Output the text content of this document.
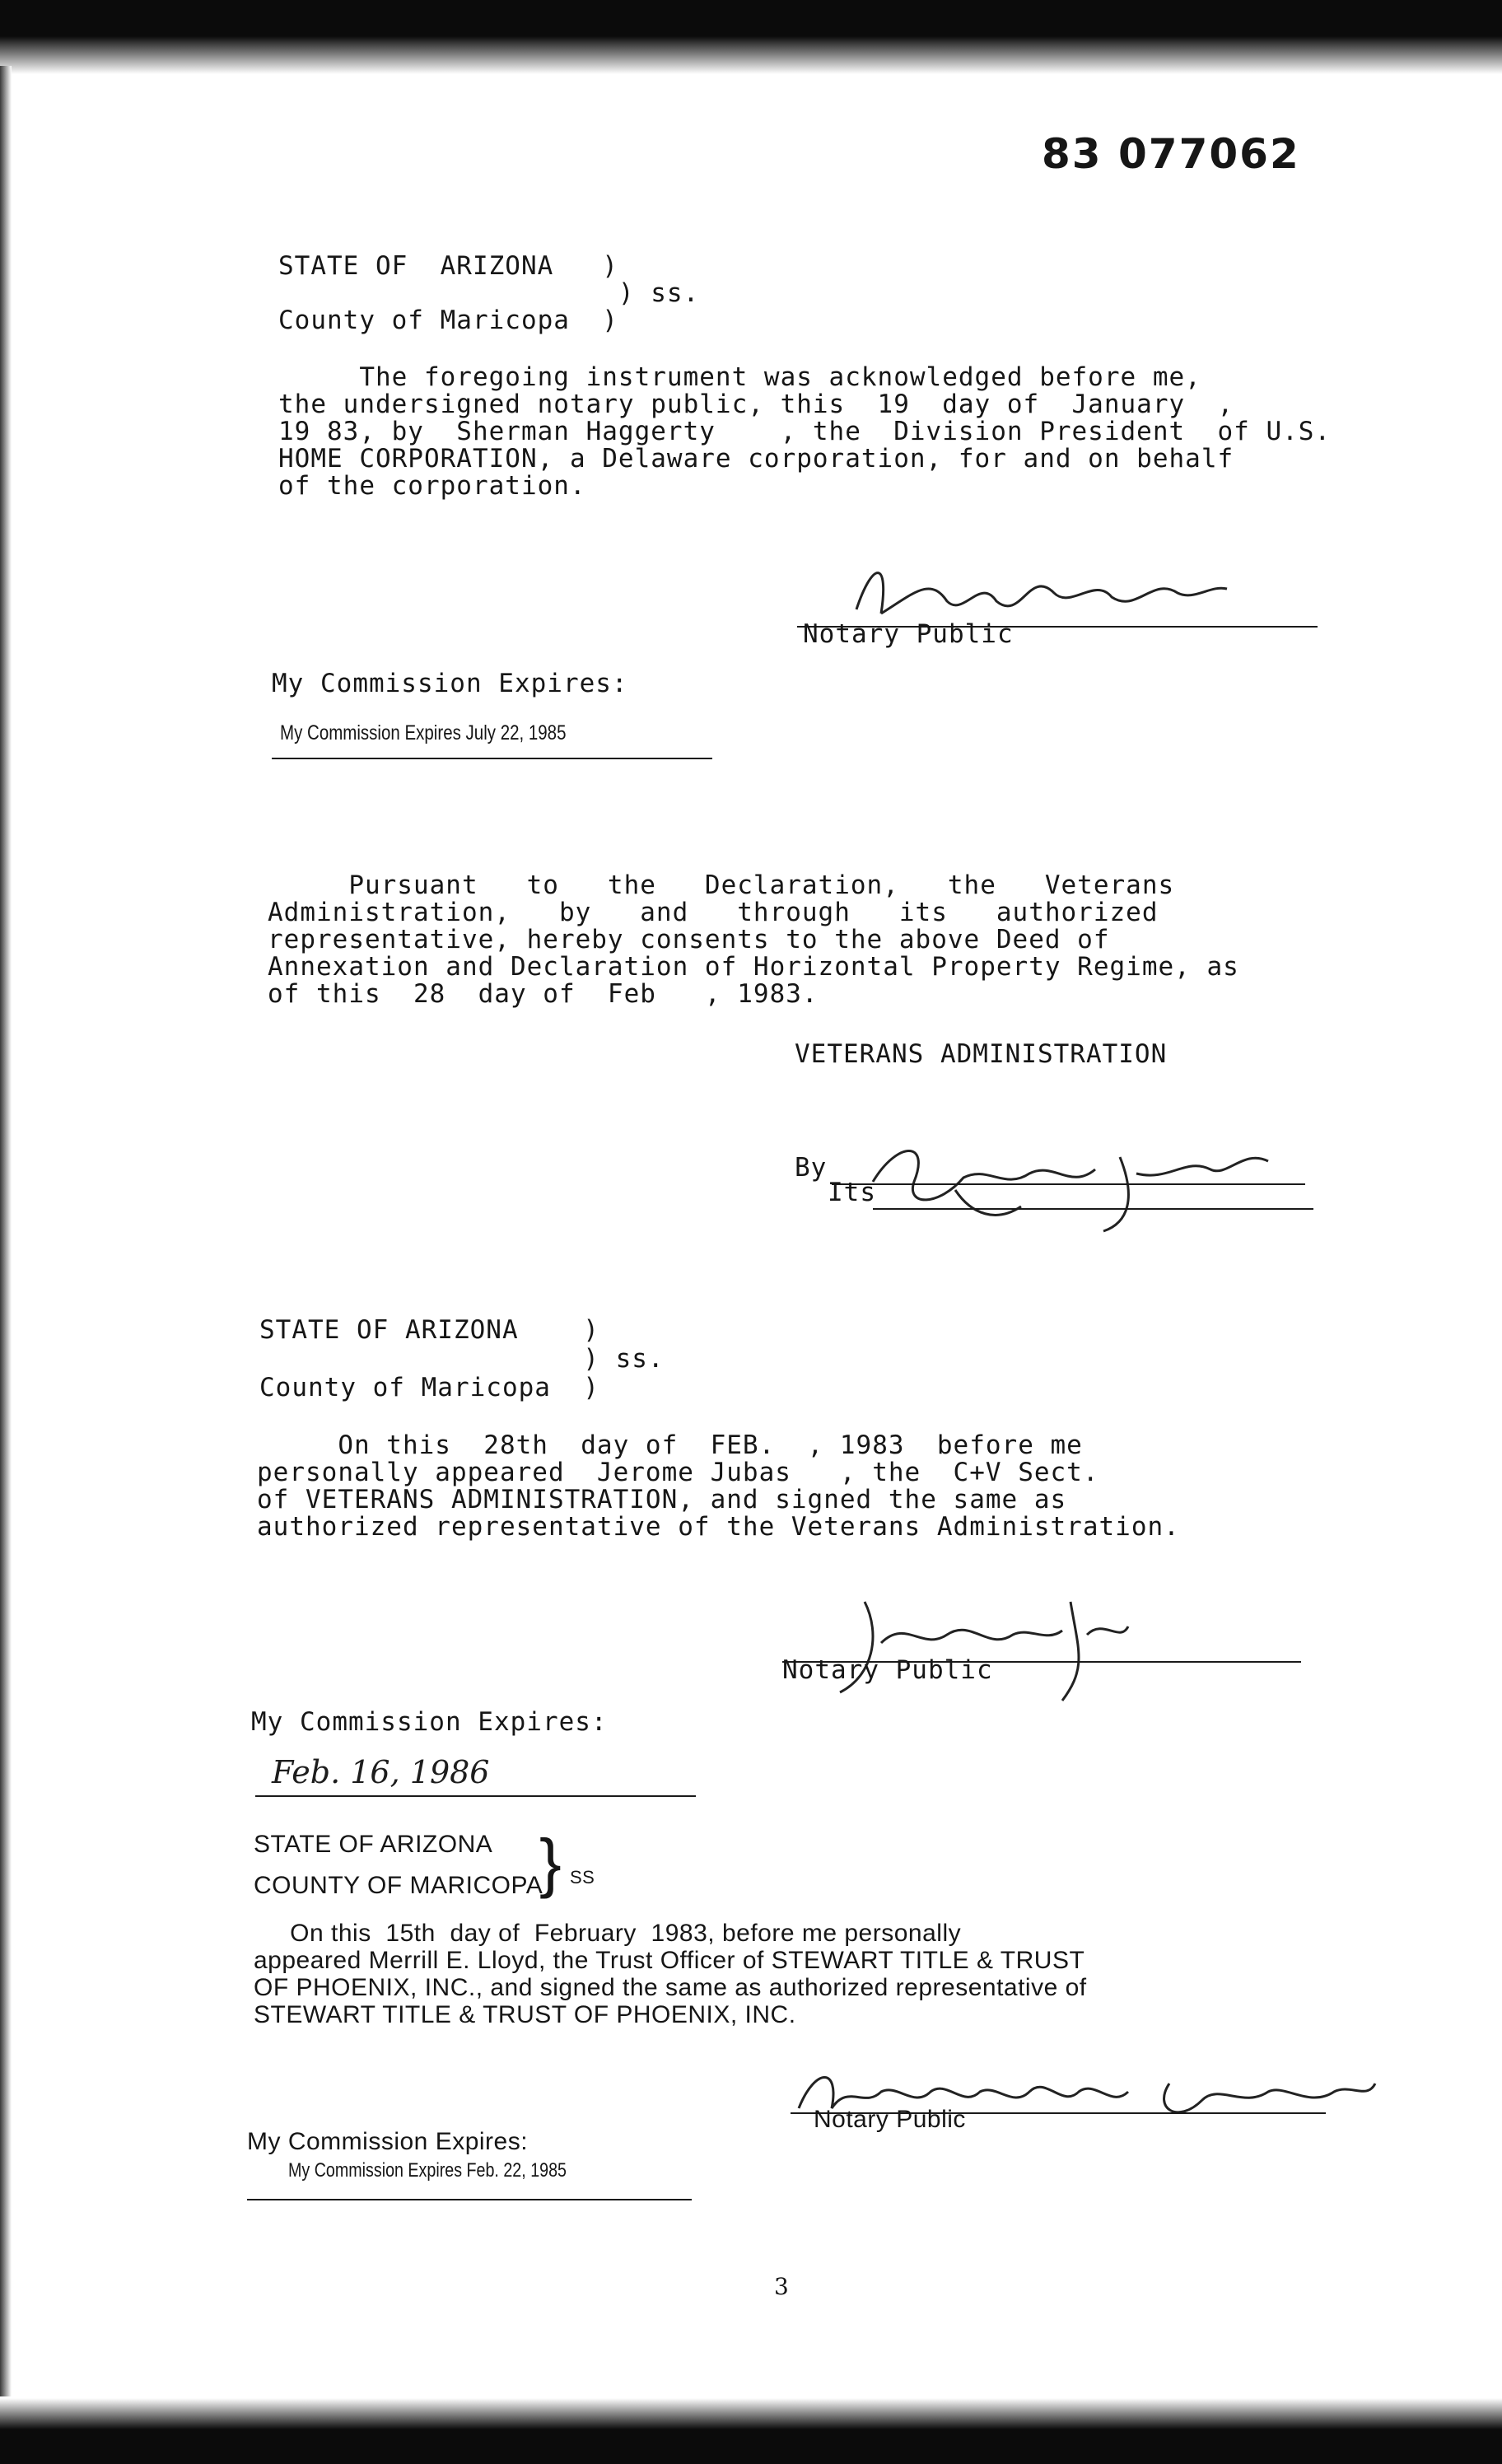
83 077062
STATE OF  ARIZONA   )
) ss.
County of Maricopa  )
The foregoing instrument was acknowledged before me,
the undersigned notary public, this  19  day of  January  ,
19 83, by  Sherman Haggerty    , the  Division President  of U.S.
HOME CORPORATION, a Delaware corporation, for and on behalf
of the corporation.
Notary Public
My Commission Expires:
My Commission Expires July 22, 1985
Pursuant   to   the   Declaration,   the   Veterans
Administration,   by   and   through   its   authorized
representative, hereby consents to the above Deed of
Annexation and Declaration of Horizontal Property Regime, as
of this  28  day of  Feb   , 1983.
VETERANS ADMINISTRATION
By
Its
STATE OF ARIZONA    )
) ss.
County of Maricopa  )
On this  28th  day of  FEB.  , 1983  before me
personally appeared  Jerome Jubas   , the  C+V Sect.
of VETERANS ADMINISTRATION, and signed the same as
authorized representative of the Veterans Administration.
Notary Public
My Commission Expires:
Feb. 16, 1986
STATE OF ARIZONA
COUNTY OF MARICOPA
} SS
On this  15th  day of  February  1983, before me personally
appeared Merrill E. Lloyd, the Trust Officer of STEWART TITLE & TRUST
OF PHOENIX, INC., and signed the same as authorized representative of
STEWART TITLE & TRUST OF PHOENIX, INC.
Notary Public
My Commission Expires:
My Commission Expires Feb. 22, 1985
3
